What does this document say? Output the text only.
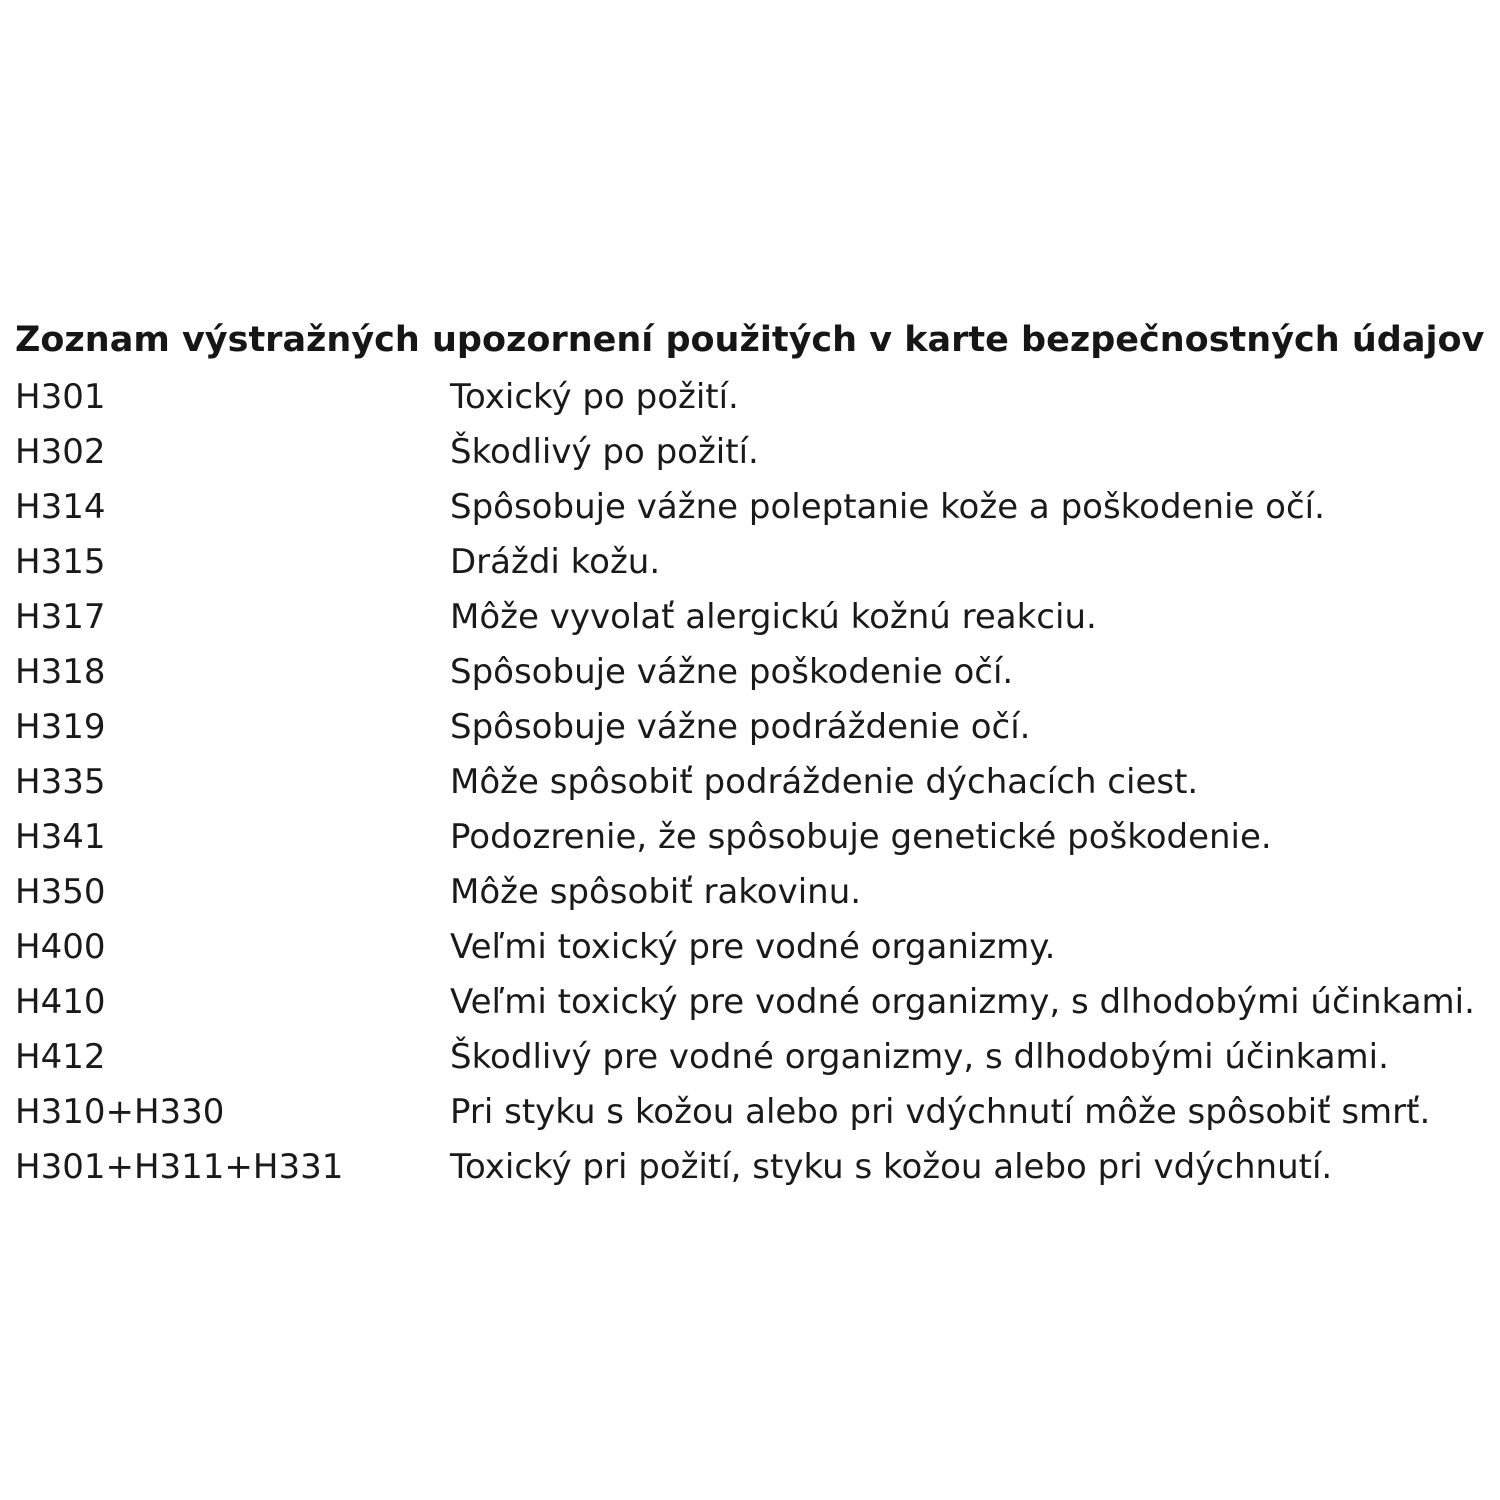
Zoznam výstražných upozornení použitých v karte bezpečnostných údajov
H301	Toxický po požití.
H302	Škodlivý po požití.
H314	Spôsobuje vážne poleptanie kože a poškodenie očí.
H315	Dráždi kožu.
H317	Môže vyvolať alergickú kožnú reakciu.
H318	Spôsobuje vážne poškodenie očí.
H319	Spôsobuje vážne podráždenie očí.
H335	Môže spôsobiť podráždenie dýchacích ciest.
H341	Podozrenie, že spôsobuje genetické poškodenie.
H350	Môže spôsobiť rakovinu.
H400	Veľmi toxický pre vodné organizmy.
H410	Veľmi toxický pre vodné organizmy, s dlhodobými účinkami.
H412	Škodlivý pre vodné organizmy, s dlhodobými účinkami.
H310+H330	Pri styku s kožou alebo pri vdýchnutí môže spôsobiť smrť.
H301+H311+H331	Toxický pri požití, styku s kožou alebo pri vdýchnutí.
